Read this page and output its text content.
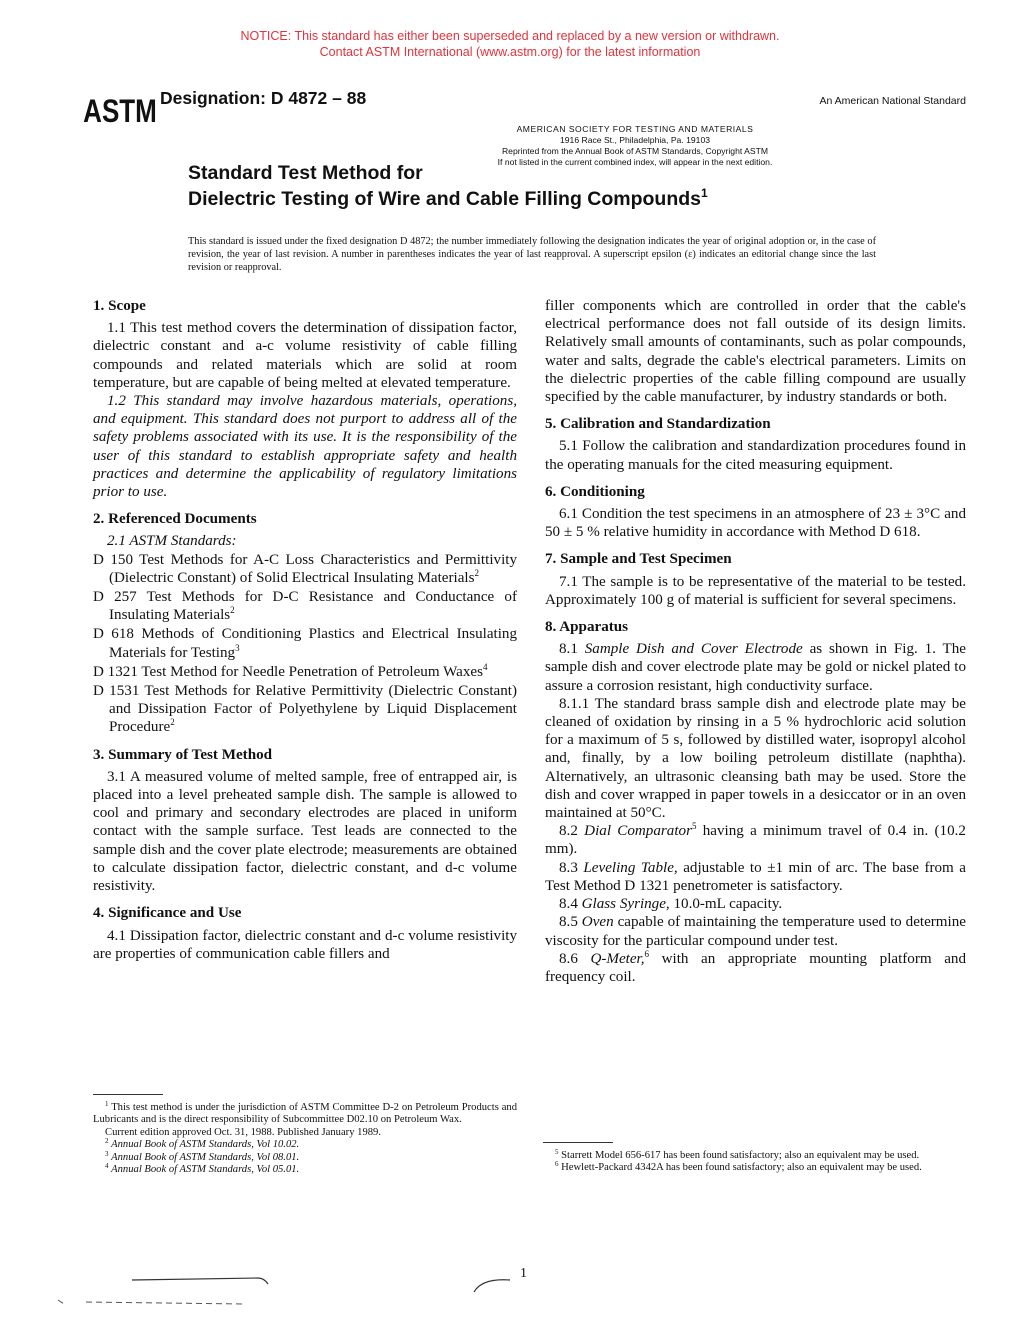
NOTICE: This standard has either been superseded and replaced by a new version or withdrawn.
Contact ASTM International (www.astm.org) for the latest information
ASTM Designation: D 4872 – 88	An American National Standard
AMERICAN SOCIETY FOR TESTING AND MATERIALS
1916 Race St., Philadelphia, Pa. 19103
Reprinted from the Annual Book of ASTM Standards, Copyright ASTM
If not listed in the current combined index, will appear in the next edition.
Standard Test Method for
Dielectric Testing of Wire and Cable Filling Compounds$^1$
This standard is issued under the fixed designation D 4872; the number immediately following the designation indicates the year of original adoption or, in the case of revision, the year of last revision. A number in parentheses indicates the year of last reapproval. A superscript epsilon (ε) indicates an editorial change since the last revision or reapproval.

1. Scope

1.1 This test method covers the determination of dissipation factor, dielectric constant and a-c volume resistivity of cable filling compounds and related materials which are solid at room temperature, but are capable of being melted at elevated temperature.

1.2 This standard may involve hazardous materials, operations, and equipment. This standard does not purport to address all of the safety problems associated with its use. It is the responsibility of the user of this standard to establish appropriate safety and health practices and determine the applicability of regulatory limitations prior to use.

2. Referenced Documents

2.1 ASTM Standards:

D 150 Test Methods for A-C Loss Characteristics and Permittivity (Dielectric Constant) of Solid Electrical Insulating Materials$^2$

D 257 Test Methods for D-C Resistance and Conductance of Insulating Materials$^2$

D 618 Methods of Conditioning Plastics and Electrical Insulating Materials for Testing$^3$

D 1321 Test Method for Needle Penetration of Petroleum Waxes$^4$

D 1531 Test Methods for Relative Permittivity (Dielectric Constant) and Dissipation Factor of Polyethylene by Liquid Displacement Procedure$^2$

3. Summary of Test Method

3.1 A measured volume of melted sample, free of entrapped air, is placed into a level preheated sample dish. The sample is allowed to cool and primary and secondary electrodes are placed in uniform contact with the sample surface. Test leads are connected to the sample dish and the cover plate electrode; measurements are obtained to calculate dissipation factor, dielectric constant, and d-c volume resistivity.

4. Significance and Use

4.1 Dissipation factor, dielectric constant and d-c volume resistivity are properties of communication cable fillers and

filler components which are controlled in order that the cable's electrical performance does not fall outside of its design limits. Relatively small amounts of contaminants, such as polar compounds, water and salts, degrade the cable's electrical parameters. Limits on the dielectric properties of the cable filling compound are usually specified by the cable manufacturer, by industry standards or both.

5. Calibration and Standardization

5.1 Follow the calibration and standardization procedures found in the operating manuals for the cited measuring equipment.

6. Conditioning

6.1 Condition the test specimens in an atmosphere of 23 ± 3°C and 50 ± 5 % relative humidity in accordance with Method D 618.

7. Sample and Test Specimen

7.1 The sample is to be representative of the material to be tested. Approximately 100 g of material is sufficient for several specimens.

8. Apparatus

8.1 Sample Dish and Cover Electrode as shown in Fig. 1. The sample dish and cover electrode plate may be gold or nickel plated to assure a corrosion resistant, high conductivity surface.

8.1.1 The standard brass sample dish and electrode plate may be cleaned of oxidation by rinsing in a 5 % hydrochloric acid solution for a maximum of 5 s, followed by distilled water, isopropyl alcohol and, finally, by a low boiling petroleum distillate (naphtha). Alternatively, an ultrasonic cleansing bath may be used. Store the dish and cover wrapped in paper towels in a desiccator or in an oven maintained at 50°C.

8.2 Dial Comparator$^5$ having a minimum travel of 0.4 in. (10.2 mm).

8.3 Leveling Table, adjustable to ±1 min of arc. The base from a Test Method D 1321 penetrometer is satisfactory.

8.4 Glass Syringe, 10.0-mL capacity.

8.5 Oven capable of maintaining the temperature used to determine viscosity for the particular compound under test.

8.6 Q-Meter,$^6$ with an appropriate mounting platform and frequency coil.

$^1$ This test method is under the jurisdiction of ASTM Committee D-2 on Petroleum Products and Lubricants and is the direct responsibility of Subcommittee D02.10 on Petroleum Wax.

Current edition approved Oct. 31, 1988. Published January 1989.

$^2$ Annual Book of ASTM Standards, Vol 10.02.

$^3$ Annual Book of ASTM Standards, Vol 08.01.

$^4$ Annual Book of ASTM Standards, Vol 05.01.

$^5$ Starrett Model 656-617 has been found satisfactory; also an equivalent may be used.

$^6$ Hewlett-Packard 4342A has been found satisfactory; also an equivalent may be used.

1
